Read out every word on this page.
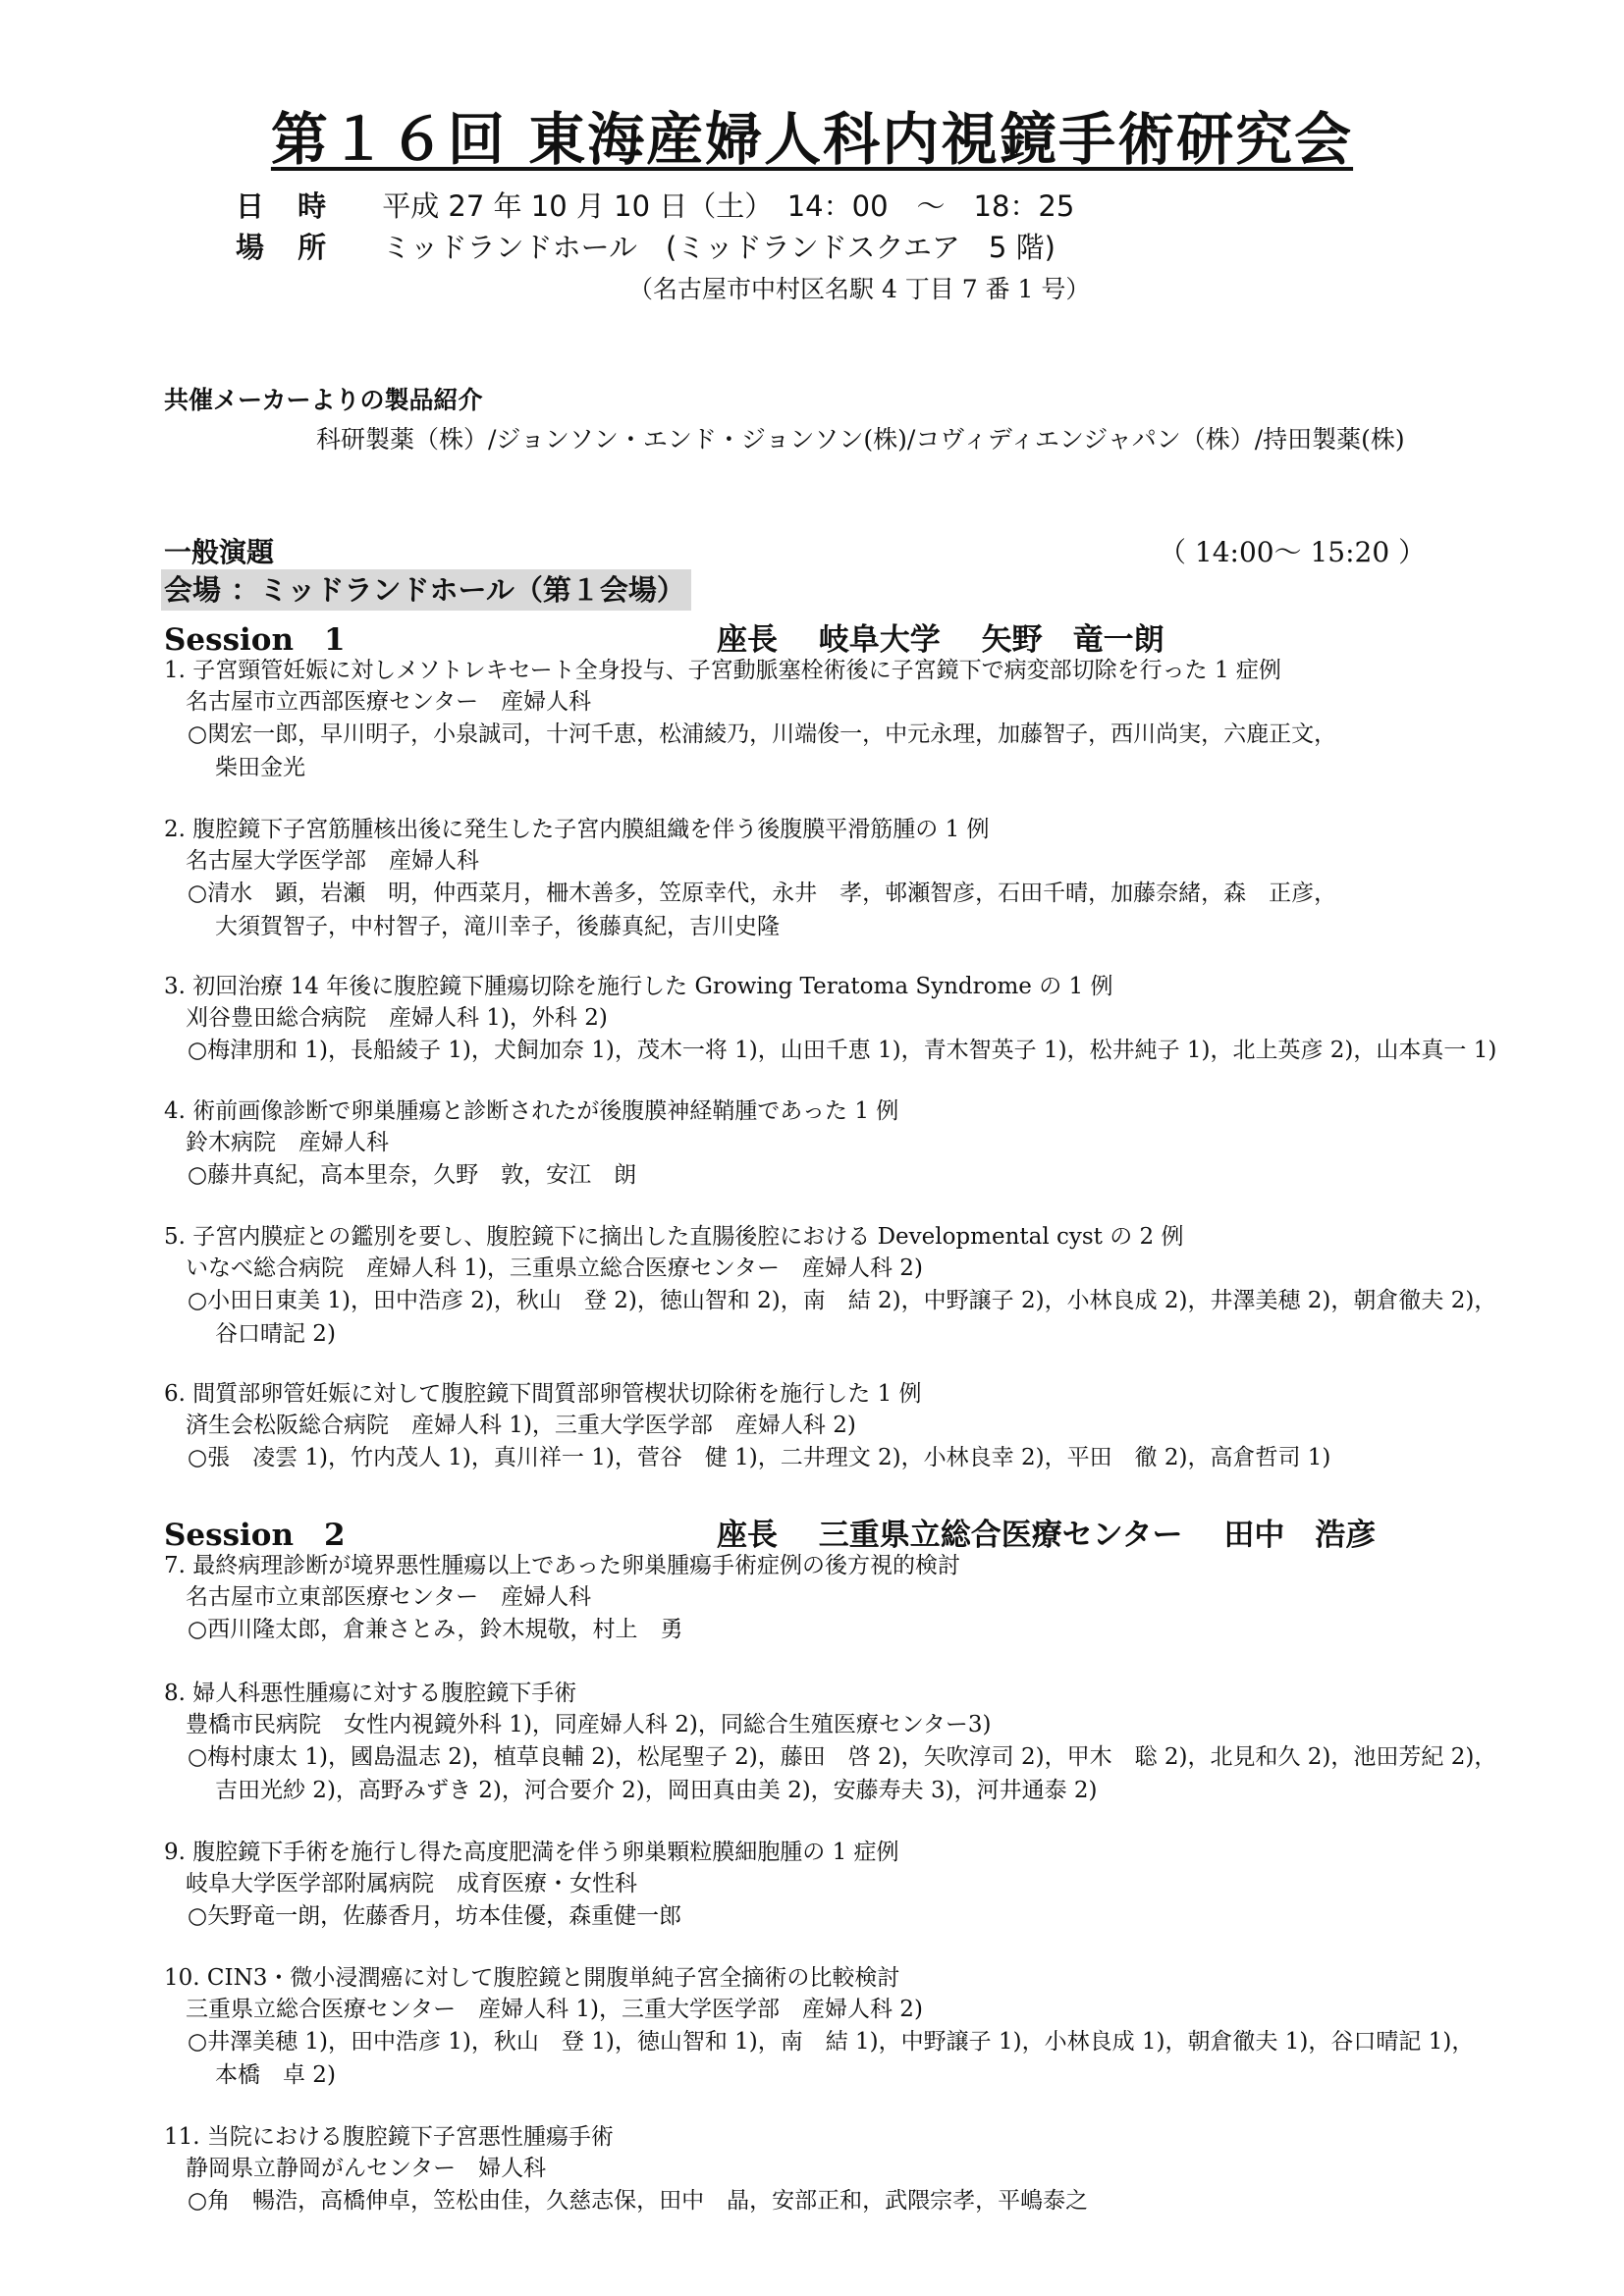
第１６回 東海産婦人科内視鏡手術研究会
日 時 平成 27 年 10 月 10 日（土）　14：00　～　18：25
場 所 ミッドランドホール　(ミッドランドスクエア　5 階)
（名古屋市中村区名駅 4 丁目 7 番 1 号）
共催メーカーよりの製品紹介
科研製薬（株）/ジョンソン・エンド・ジョンソン(株)/コヴィディエンジャパン（株）/持田製薬(株)
一般演題	（ 14:00～ 15:20 ）
会場 ：ミッドランドホール（第１会場）
Session　1	座長　 岐阜大学　 矢野　竜一朗
1. 子宮頸管妊娠に対しメソトレキセート全身投与、子宮動脈塞栓術後に子宮鏡下で病変部切除を行った 1 症例
名古屋市立西部医療センター　産婦人科
○関宏一郎，早川明子，小泉誠司，十河千恵，松浦綾乃，川端俊一，中元永理，加藤智子，西川尚実，六鹿正文，
柴田金光
2. 腹腔鏡下子宮筋腫核出後に発生した子宮内膜組織を伴う後腹膜平滑筋腫の 1 例
名古屋大学医学部　産婦人科
○清水　顕，岩瀬　明，仲西菜月，柵木善多，笠原幸代，永井　孝，邨瀬智彦，石田千晴，加藤奈緒，森　正彦，
大須賀智子，中村智子，滝川幸子，後藤真紀，吉川史隆
3. 初回治療 14 年後に腹腔鏡下腫瘍切除を施行した Growing Teratoma Syndrome の 1 例
刈谷豊田総合病院　産婦人科 1)，外科 2)
○梅津朋和 1)，長船綾子 1)，犬飼加奈 1)，茂木一将 1)，山田千恵 1)，青木智英子 1)，松井純子 1)，北上英彦 2)，山本真一 1)
4. 術前画像診断で卵巣腫瘍と診断されたが後腹膜神経鞘腫であった 1 例
鈴木病院　産婦人科
○藤井真紀，高本里奈，久野　敦，安江　朗
5. 子宮内膜症との鑑別を要し、腹腔鏡下に摘出した直腸後腔における Developmental cyst の 2 例
いなべ総合病院　産婦人科 1)，三重県立総合医療センター　産婦人科 2)
○小田日東美 1)，田中浩彦 2)，秋山　登 2)，徳山智和 2)，南　結 2)，中野譲子 2)，小林良成 2)，井澤美穂 2)，朝倉徹夫 2)，
谷口晴記 2)
6. 間質部卵管妊娠に対して腹腔鏡下間質部卵管楔状切除術を施行した 1 例
済生会松阪総合病院　産婦人科 1)，三重大学医学部　産婦人科 2)
○張　凌雲 1)，竹内茂人 1)，真川祥一 1)，菅谷　健 1)，二井理文 2)，小林良幸 2)，平田　徹 2)，高倉哲司 1)
Session　2	座長　 三重県立総合医療センター　 田中　浩彦
7. 最終病理診断が境界悪性腫瘍以上であった卵巣腫瘍手術症例の後方視的検討
名古屋市立東部医療センター　産婦人科
○西川隆太郎，倉兼さとみ，鈴木規敬，村上　勇
8. 婦人科悪性腫瘍に対する腹腔鏡下手術
豊橋市民病院　女性内視鏡外科 1)，同産婦人科 2)，同総合生殖医療センター3)
○梅村康太 1)，國島温志 2)，植草良輔 2)，松尾聖子 2)，藤田　啓 2)，矢吹淳司 2)，甲木　聡 2)，北見和久 2)，池田芳紀 2)，
吉田光紗 2)，高野みずき 2)，河合要介 2)，岡田真由美 2)，安藤寿夫 3)，河井通泰 2)
9. 腹腔鏡下手術を施行し得た高度肥満を伴う卵巣顆粒膜細胞腫の 1 症例
岐阜大学医学部附属病院　成育医療・女性科
○矢野竜一朗，佐藤香月，坊本佳優，森重健一郎
10. CIN3・微小浸潤癌に対して腹腔鏡と開腹単純子宮全摘術の比較検討
三重県立総合医療センター　産婦人科 1)，三重大学医学部　産婦人科 2)
○井澤美穂 1)，田中浩彦 1)，秋山　登 1)，徳山智和 1)，南　結 1)，中野譲子 1)，小林良成 1)，朝倉徹夫 1)，谷口晴記 1)，
本橋　卓 2)
11. 当院における腹腔鏡下子宮悪性腫瘍手術
静岡県立静岡がんセンター　婦人科
○角　暢浩，高橋伸卓，笠松由佳，久慈志保，田中　晶，安部正和，武隈宗孝，平嶋泰之
